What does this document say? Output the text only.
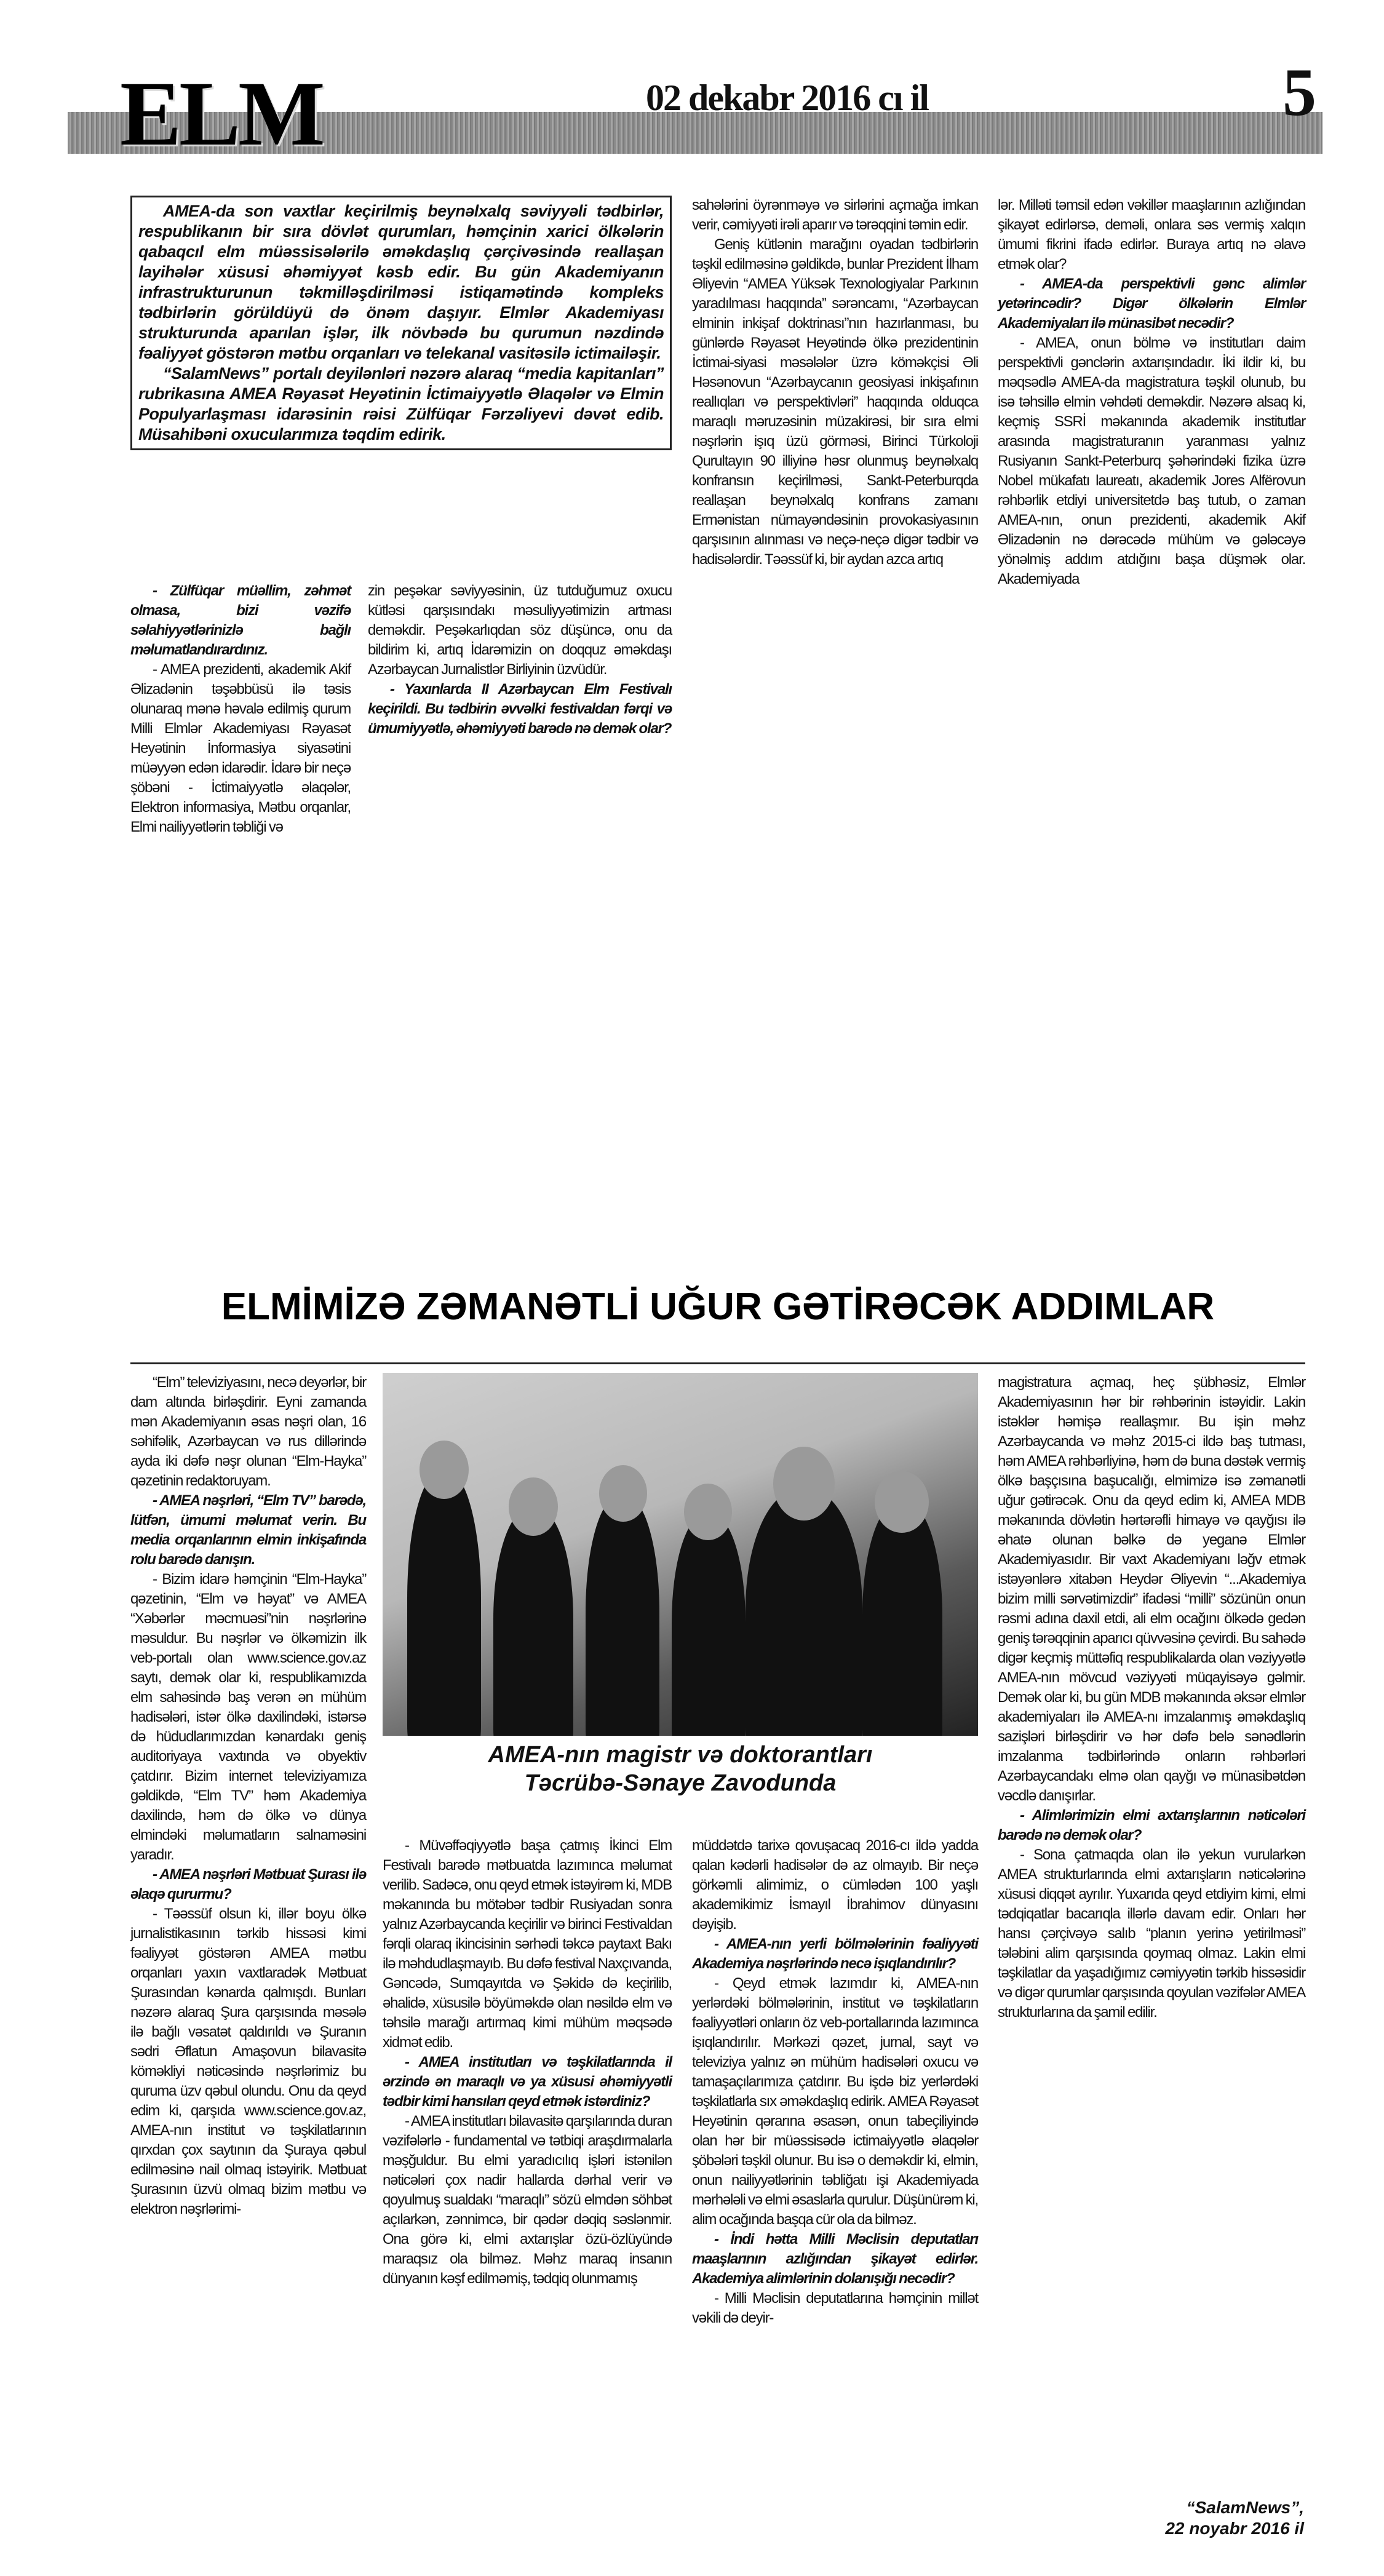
ELM	02 dekabr 2016 cı il	5

AMEA-da son vaxtlar keçirilmiş beynəlxalq səviyyəli tədbirlər, respublikanın bir sıra dövlət qurumları, həmçinin xarici ölkələrin qabaqcıl elm müəssisələrilə əməkdaşlıq çərçivəsində reallaşan layihələr xüsusi əhəmiyyət kəsb edir. Bu gün Akademiyanın infrastrukturunun təkmilləşdirilməsi istiqamətində kompleks tədbirlərin görüldüyü də önəm daşıyır. Elmlər Akademiyası strukturunda aparılan işlər, ilk növbədə bu qurumun nəzdində fəaliyyət göstərən mətbu orqanları və telekanal vasitəsilə ictimailəşir.

“SalamNews” portalı deyilənləri nəzərə alaraq “media kapitanları” rubrikasına AMEA Rəyasət Heyətinin İctimaiyyətlə Əlaqələr və Elmin Populyarlaşması idarəsinin rəisi Zülfüqar Fərzəliyevi dəvət edib. Müsahibəni oxucularımıza təqdim edirik.

- Zülfüqar müəllim, zəhmət olmasa, bizi vəzifə səlahiyyətlərinizlə bağlı məlumatlandırardınız.

- AMEA prezidenti, akademik Akif Əlizadənin təşəbbüsü ilə təsis olunaraq mənə həvalə edilmiş qurum Milli Elmlər Akademiyası Rəyasət Heyətinin İnformasiya siyasətini müəyyən edən idarədir. İdarə bir neçə şöbəni - İctimaiyyətlə əlaqələr, Elektron informasiya, Mətbu orqanlar, Elmi nailiyyətlərin təbliği və

zin peşəkar səviyyəsinin, üz tutduğumuz oxucu kütləsi qarşısındakı məsuliyyətimizin artması deməkdir. Peşəkarlıqdan söz düşüncə, onu da bildirim ki, artıq İdarəmizin on doqquz əməkdaşı Azərbaycan Jurnalistlər Birliyinin üzvüdür.

- Yaxınlarda II Azərbaycan Elm Festivalı keçirildi. Bu tədbirin əvvəlki festivaldan fərqi və ümumiyyətlə, əhəmiyyəti barədə nə demək olar?

sahələrini öyrənməyə və sirlərini açmağa imkan verir, cəmiyyəti irəli aparır və tərəqqini təmin edir.

Geniş kütlənin marağını oyadan tədbirlərin təşkil edilməsinə gəldikdə, bunlar Prezident İlham Əliyevin “AMEA Yüksək Texnologiyalar Parkının yaradılması haqqında” sərəncamı, “Azərbaycan elminin inkişaf doktrinası”nın hazırlanması, bu günlərdə Rəyasət Heyətində ölkə prezidentinin İctimai-siyasi məsələlər üzrə köməkçisi Əli Həsənovun “Azərbaycanın geosiyasi inkişafının reallıqları və perspektivləri” haqqında olduqca maraqlı məruzəsinin müzakirəsi, bir sıra elmi nəşrlərin işıq üzü görməsi, Birinci Türkoloji Qurultayın 90 illiyinə həsr olunmuş beynəlxalq konfransın keçirilməsi, Sankt-Peterburqda reallaşan beynəlxalq konfrans zamanı Ermənistan nümayəndəsinin provokasiyasının qarşısının alınması və neçə-neçə digər tədbir və hadisələrdir. Təəssüf ki, bir aydan azca artıq

lər. Milləti təmsil edən vəkillər maaşlarının azlığından şikayət edirlərsə, deməli, onlara səs vermiş xalqın ümumi fikrini ifadə edirlər. Buraya artıq nə əlavə etmək olar?

- AMEA-da perspektivli gənc alimlər yetərincədir? Digər ölkələrin Elmlər Akademiyaları ilə münasibət necədir?

- AMEA, onun bölmə və institutları daim perspektivli gənclərin axtarışındadır. İki ildir ki, bu məqsədlə AMEA-da magistratura təşkil olunub, bu isə təhsillə elmin vəhdəti deməkdir. Nəzərə alsaq ki, keçmiş SSRİ məkanında akademik institutlar arasında magistraturanın yaranması yalnız Rusiyanın Sankt-Peterburq şəhərindəki fizika üzrə Nobel mükafatı laureatı, akademik Jores Alfërovun rəhbərlik etdiyi universitetdə baş tutub, o zaman AMEA-nın, onun prezidenti, akademik Akif Əlizadənin nə dərəcədə mühüm və gələcəyə yönəlmiş addım atdığını başa düşmək olar. Akademiyada

ELMİMİZƏ ZƏMANƏTLİ UĞUR GƏTİRƏCƏK ADDIMLAR

“Elm” televiziyasını, necə deyərlər, bir dam altında birləşdirir. Eyni zamanda mən Akademiyanın əsas nəşri olan, 16 səhifəlik, Azərbaycan və rus dillərində ayda iki dəfə nəşr olunan “Elm-Hayka” qəzetinin redaktoruyam.

- AMEA nəşrləri, “Elm TV” barədə, lütfən, ümumi məlumat verin. Bu media orqanlarının elmin inkişafında rolu barədə danışın.

- Bizim idarə həmçinin “Elm-Hayka” qəzetinin, “Elm və həyat” və AMEA “Xəbərlər məcmuəsi”nin nəşrlərinə məsuldur. Bu nəşrlər və ölkəmizin ilk veb-portalı olan www.science.gov.az saytı, demək olar ki, respublikamızda elm sahəsində baş verən ən mühüm hadisələri, istər ölkə daxilindəki, istərsə də hüdudlarımızdan kənardakı geniş auditoriyaya vaxtında və obyektiv çatdırır. Bizim internet televiziyamıza gəldikdə, “Elm TV” həm Akademiya daxilində, həm də ölkə və dünya elmindəki məlumatların salnaməsini yaradır.

- AMEA nəşrləri Mətbuat Şurası ilə əlaqə qururmu?

- Təəssüf olsun ki, illər boyu ölkə jurnalistikasının tərkib hissəsi kimi fəaliyyət göstərən AMEA mətbu orqanları yaxın vaxtlaradək Mətbuat Şurasından kənarda qalmışdı. Bunları nəzərə alaraq Şura qarşısında məsələ ilə bağlı vəsatət qaldırıldı və Şuranın sədri Əflatun Amaşovun bilavasitə köməkliyi nəticəsində nəşrlərimiz bu quruma üzv qəbul olundu. Onu da qeyd edim ki, qarşıda www.science.gov.az, AMEA-nın institut və təşkilatlarının qırxdan çox saytının da Şuraya qəbul edilməsinə nail olmaq istəyirik. Mətbuat Şurasının üzvü olmaq bizim mətbu və elektron nəşrlərimi-

AMEA-nın magistr və doktorantları
Təcrübə-Sənaye Zavodunda

- Müvəffəqiyyətlə başa çatmış İkinci Elm Festivalı barədə mətbuatda lazımınca məlumat verilib. Sadəcə, onu qeyd etmək istəyirəm ki, MDB məkanında bu mötəbər tədbir Rusiyadan sonra yalnız Azərbaycanda keçirilir və birinci Festivaldan fərqli olaraq ikincisinin sərhədi təkcə paytaxt Bakı ilə məhdudlaşmayıb. Bu dəfə festival Naxçıvanda, Gəncədə, Sumqayıtda və Şəkidə də keçirilib, əhalidə, xüsusilə böyüməkdə olan nəsildə elm və təhsilə marağı artırmaq kimi mühüm məqsədə xidmət edib.

- AMEA institutları və təşkilatlarında il ərzində ən maraqlı və ya xüsusi əhəmiyyətli tədbir kimi hansıları qeyd etmək istərdiniz?

- AMEA institutları bilavasitə qarşılarında duran vəzifələrlə - fundamental və tətbiqi araşdırmalarla məşğuldur. Bu elmi yaradıcılıq işləri istənilən nəticələri çox nadir hallarda dərhal verir və qoyulmuş sualdakı “maraqlı” sözü elmdən söhbət açılarkən, zənnimcə, bir qədər dəqiq səslənmir. Ona görə ki, elmi axtarışlar özü-özlüyündə maraqsız ola bilməz. Məhz maraq insanın dünyanın kəşf edilməmiş, tədqiq olunmamış

müddətdə tarixə qovuşacaq 2016-cı ildə yadda qalan kədərli hadisələr də az olmayıb. Bir neçə görkəmli alimimiz, o cümlədən 100 yaşlı akademikimiz İsmayıl İbrahimov dünyasını dəyişib.

- AMEA-nın yerli bölmələrinin fəaliyyəti Akademiya nəşrlərində necə işıqlandırılır?

- Qeyd etmək lazımdır ki, AMEA-nın yerlərdəki bölmələrinin, institut və təşkilatların fəaliyyətləri onların öz veb-portallarında lazımınca işıqlandırılır. Mərkəzi qəzet, jurnal, sayt və televiziya yalnız ən mühüm hadisələri oxucu və tamaşaçılarımıza çatdırır. Bu işdə biz yerlərdəki təşkilatlarla sıx əməkdaşlıq edirik. AMEA Rəyasət Heyətinin qərarına əsasən, onun tabeçiliyində olan hər bir müəssisədə ictimaiyyətlə əlaqələr şöbələri təşkil olunur. Bu isə o deməkdir ki, elmin, onun nailiyyətlərinin təbliğatı işi Akademiyada mərhələli və elmi əsaslarla qurulur. Düşünürəm ki, alim ocağında başqa cür ola da bilməz.

- İndi hətta Milli Məclisin deputatları maaşlarının azlığından şikayət edirlər. Akademiya alimlərinin dolanışığı necədir?

- Milli Məclisin deputatlarına həmçinin millət vəkili də deyir-

magistratura açmaq, heç şübhəsiz, Elmlər Akademiyasının hər bir rəhbərinin istəyidir. Lakin istəklər həmişə reallaşmır. Bu işin məhz Azərbaycanda və məhz 2015-ci ildə baş tutması, həm AMEA rəhbərliyinə, həm də buna dəstək vermiş ölkə başçısına başucalığı, elmimizə isə zəmanətli uğur gətirəcək. Onu da qeyd edim ki, AMEA MDB məkanında dövlətin hərtərəfli himayə və qayğısı ilə əhatə olunan bəlkə də yeganə Elmlər Akademiyasıdır. Bir vaxt Akademiyanı ləğv etmək istəyənlərə xitabən Heydər Əliyevin “...Akademiya bizim milli sərvətimizdir” ifadəsi “milli” sözünün onun rəsmi adına daxil etdi, ali elm ocağını ölkədə gedən geniş tərəqqinin aparıcı qüvvəsinə çevirdi. Bu sahədə digər keçmiş müttəfiq respublikalarda olan vəziyyətlə AMEA-nın mövcud vəziyyəti müqayisəyə gəlmir. Demək olar ki, bu gün MDB məkanında əksər elmlər akademiyaları ilə AMEA-nı imzalanmış əməkdaşlıq sazişləri birləşdirir və hər dəfə belə sənədlərin imzalanma tədbirlərində onların rəhbərləri Azərbaycandakı elmə olan qayğı və münasibətdən vəcdlə danışırlar.

- Alimlərimizin elmi axtarışlarının nəticələri barədə nə demək olar?

- Sona çatmaqda olan ilə yekun vurularkən AMEA strukturlarında elmi axtarışların nəticələrinə xüsusi diqqət ayrılır. Yuxarıda qeyd etdiyim kimi, elmi tədqiqatlar bacarıqla illərlə davam edir. Onları hər hansı çərçivəyə salıb “planın yerinə yetirilməsi” tələbini alim qarşısında qoymaq olmaz. Lakin elmi təşkilatlar da yaşadığımız cəmiyyətin tərkib hissəsidir və digər qurumlar qarşısında qoyulan vəzifələr AMEA strukturlarına da şamil edilir.

“SalamNews”,
22 noyabr 2016 il
